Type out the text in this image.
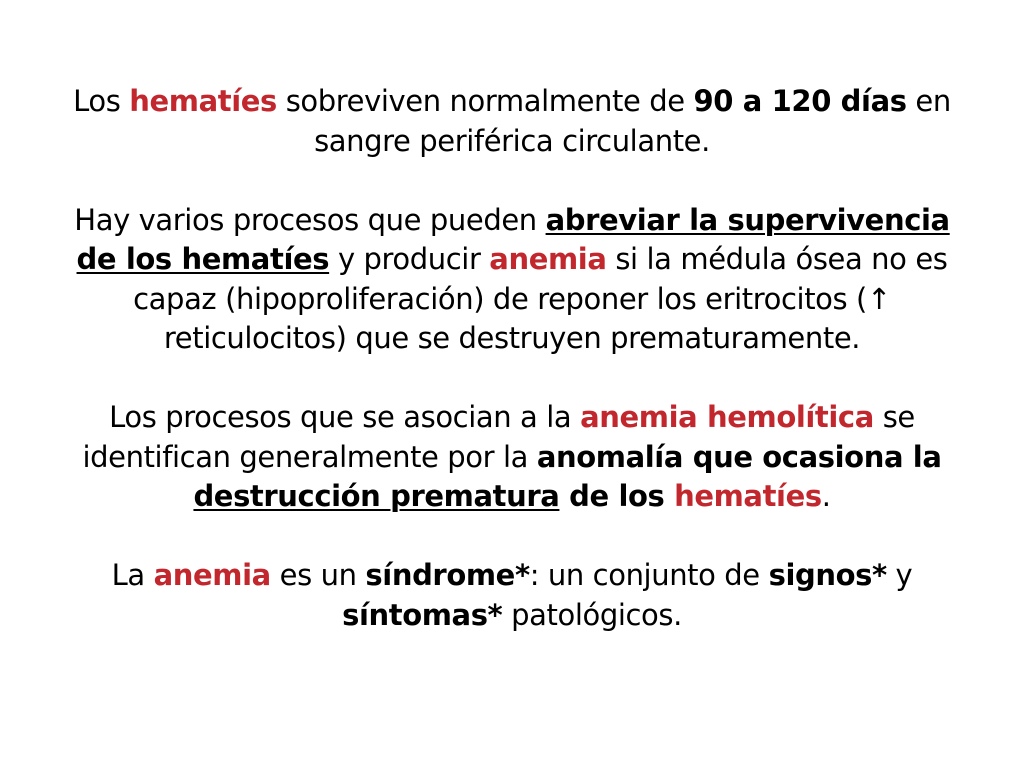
Los hematíes sobreviven normalmente de 90 a 120 días en sangre periférica circulante.

Hay varios procesos que pueden abreviar la supervivencia de los hematíes y producir anemia si la médula ósea no es capaz (hipoproliferación) de reponer los eritrocitos (↑ reticulocitos) que se destruyen prematuramente.

Los procesos que se asocian a la anemia hemolítica se identifican generalmente por la anomalía que ocasiona la destrucción prematura de los hematíes.

La anemia es un síndrome*: un conjunto de signos* y síntomas* patológicos.
